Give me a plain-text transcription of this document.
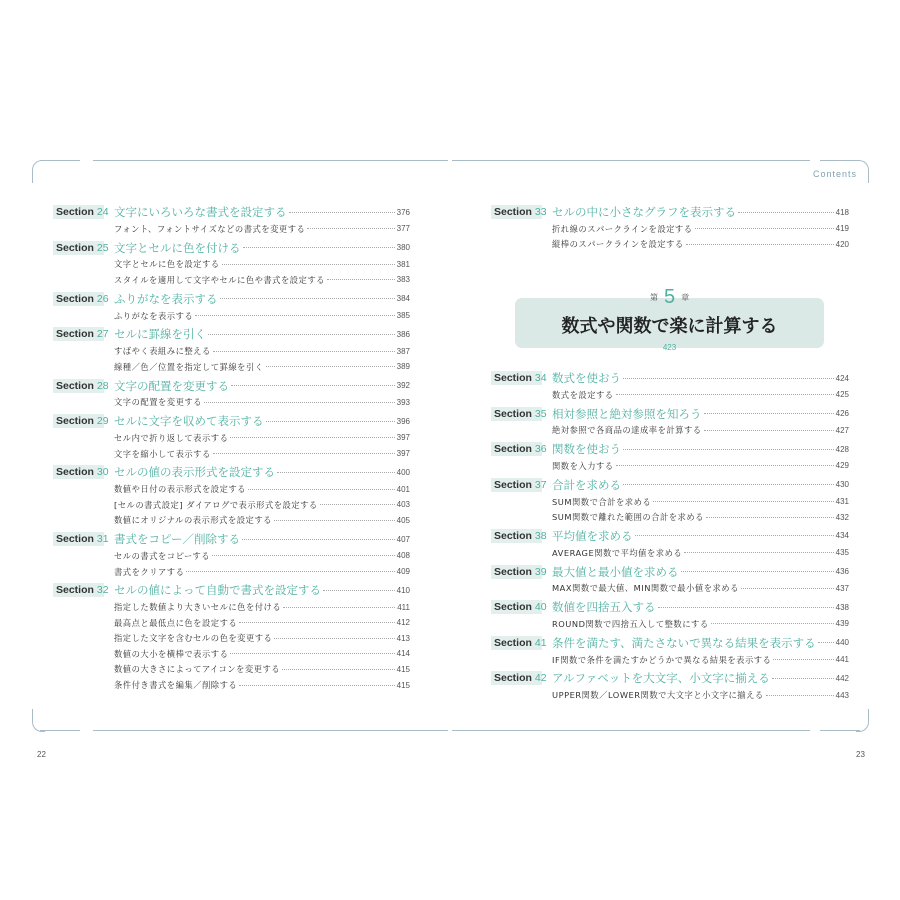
Contents
22	23
Section 24 文字にいろいろな書式を設定する	376
フォント、フォントサイズなどの書式を変更する	377
Section 25 文字とセルに色を付ける	380
文字とセルに色を設定する	381
スタイルを適用して文字やセルに色や書式を設定する	383
Section 26 ふりがなを表示する	384
ふりがなを表示する	385
Section 27 セルに罫線を引く	386
すばやく表組みに整える	387
線種／色／位置を指定して罫線を引く	389
Section 28 文字の配置を変更する	392
文字の配置を変更する	393
Section 29 セルに文字を収めて表示する	396
セル内で折り返して表示する	397
文字を縮小して表示する	397
Section 30 セルの値の表示形式を設定する	400
数値や日付の表示形式を設定する	401
[セルの書式設定] ダイアログで表示形式を設定する	403
数値にオリジナルの表示形式を設定する	405
Section 31 書式をコピー／削除する	407
セルの書式をコピーする	408
書式をクリアする	409
Section 32 セルの値によって自動で書式を設定する	410
指定した数値より大きいセルに色を付ける	411
最高点と最低点に色を設定する	412
指定した文字を含むセルの色を変更する	413
数値の大小を横棒で表示する	414
数値の大きさによってアイコンを変更する	415
条件付き書式を編集／削除する	415
Section 33 セルの中に小さなグラフを表示する	418
折れ線のスパークラインを設定する	419
縦棒のスパークラインを設定する	420
第 5 章
数式や関数で楽に計算する
423
Section 34 数式を使おう	424
数式を設定する	425
Section 35 相対参照と絶対参照を知ろう	426
絶対参照で各商品の達成率を計算する	427
Section 36 関数を使おう	428
関数を入力する	429
Section 37 合計を求める	430
SUM関数で合計を求める	431
SUM関数で離れた範囲の合計を求める	432
Section 38 平均値を求める	434
AVERAGE関数で平均値を求める	435
Section 39 最大値と最小値を求める	436
MAX関数で最大値、MIN関数で最小値を求める	437
Section 40 数値を四捨五入する	438
ROUND関数で四捨五入して整数にする	439
Section 41 条件を満たす、満たさないで異なる結果を表示する	440
IF関数で条件を満たすかどうかで異なる結果を表示する	441
Section 42 アルファベットを大文字、小文字に揃える	442
UPPER関数／LOWER関数で大文字と小文字に揃える	443
